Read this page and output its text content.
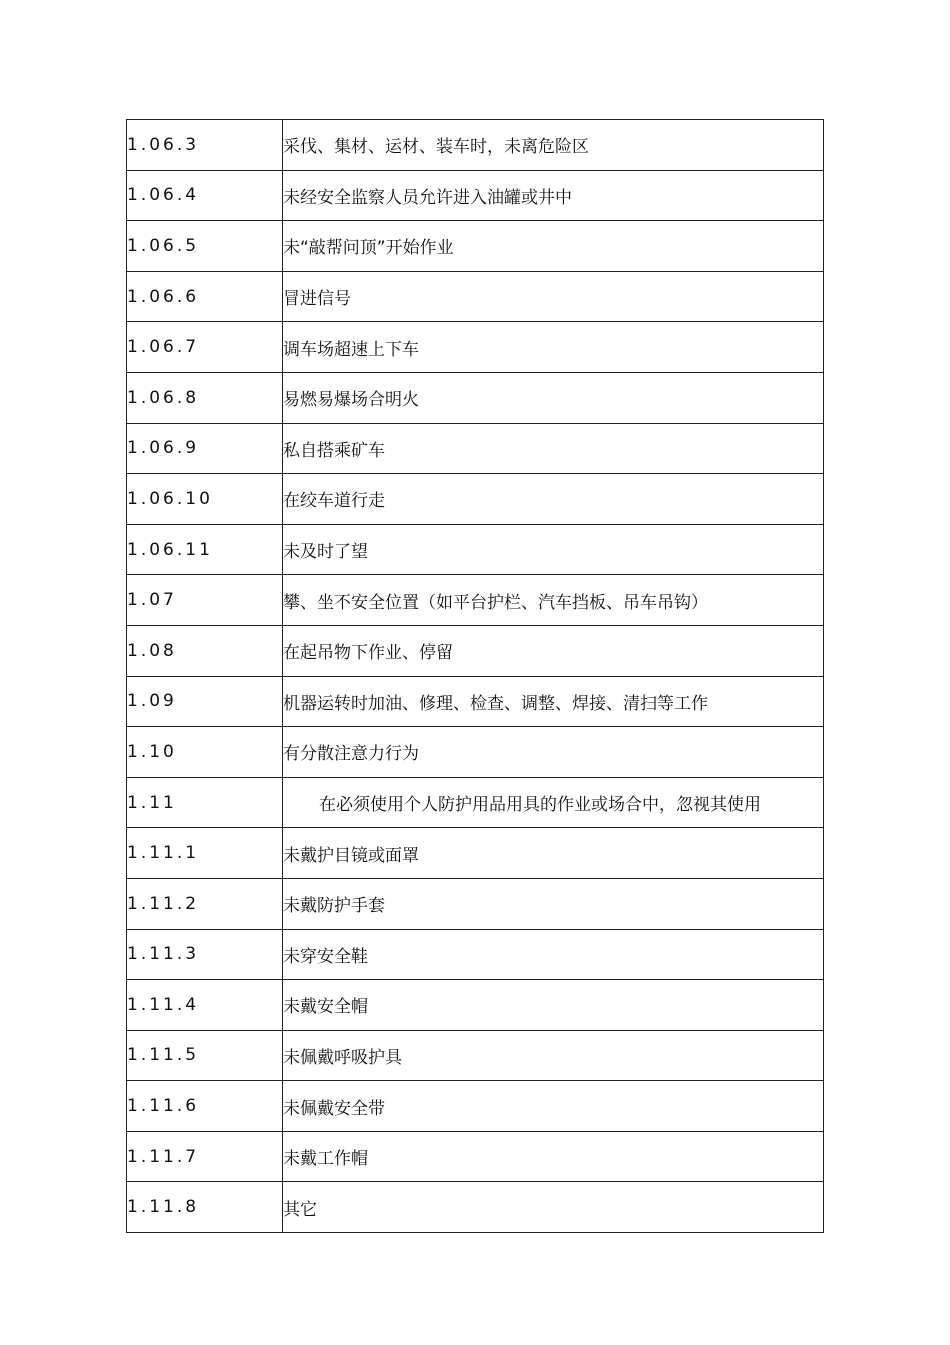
1.06.3	采伐、集材、运材、装车时，未离危险区
1.06.4	未经安全监察人员允许进入油罐或井中
1.06.5	未“敲帮问顶”开始作业
1.06.6	冒进信号
1.06.7	调车场超速上下车
1.06.8	易燃易爆场合明火
1.06.9	私自搭乘矿车
1.06.10	在绞车道行走
1.06.11	未及时了望
1.07	攀、坐不安全位置（如平台护栏、汽车挡板、吊车吊钩）
1.08	在起吊物下作业、停留
1.09	机器运转时加油、修理、检查、调整、焊接、清扫等工作
1.10	有分散注意力行为
1.11	在必须使用个人防护用品用具的作业或场合中，忽视其使用
1.11.1	未戴护目镜或面罩
1.11.2	未戴防护手套
1.11.3	未穿安全鞋
1.11.4	未戴安全帽
1.11.5	未佩戴呼吸护具
1.11.6	未佩戴安全带
1.11.7	未戴工作帽
1.11.8	其它
